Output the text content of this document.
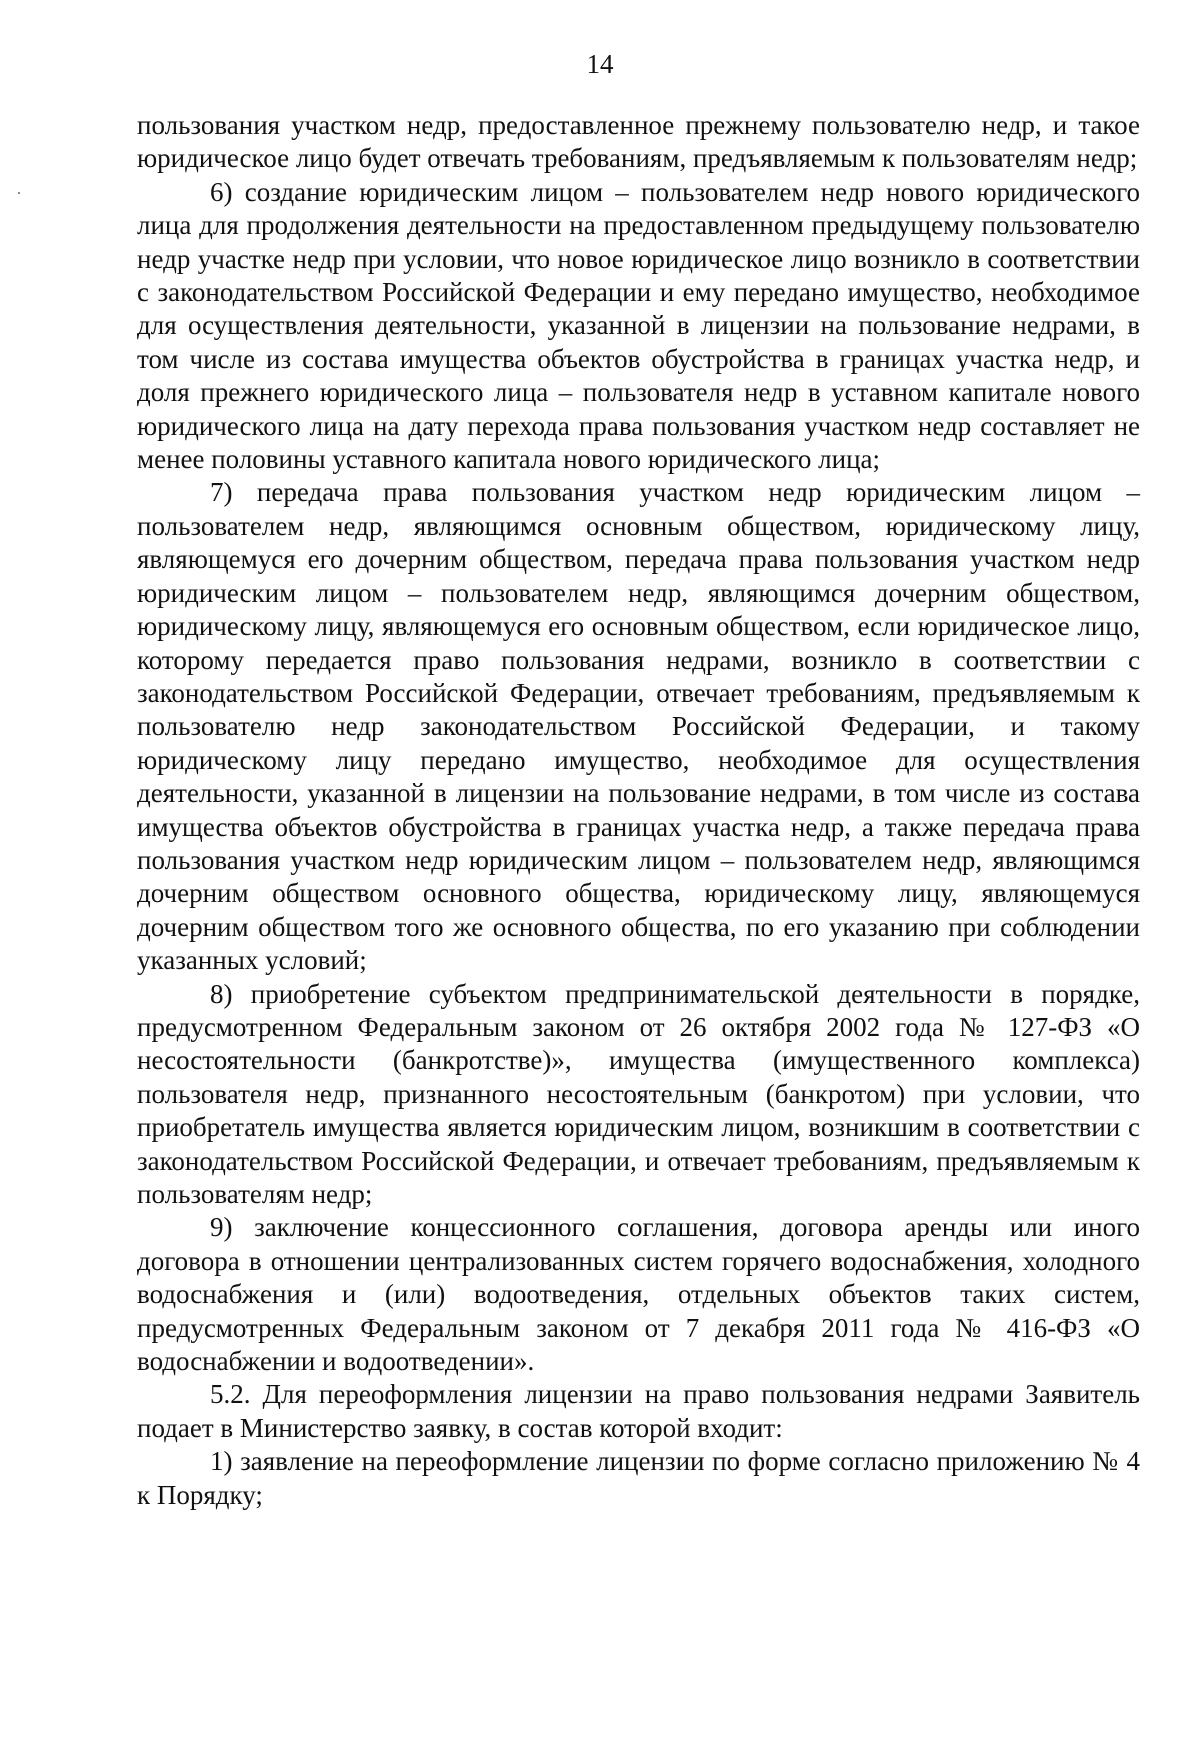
14

пользования участком недр, предоставленное прежнему пользователю недр, и такое юридическое лицо будет отвечать требованиям, предъявляемым к пользователям недр;

6) создание юридическим лицом – пользователем недр нового юридического лица для продолжения деятельности на предоставленном предыдущему пользователю недр участке недр при условии, что новое юридическое лицо возникло в соответствии с законодательством Российской Федерации и ему передано имущество, необходимое для осуществления деятельности, указанной в лицензии на пользование недрами, в том числе из состава имущества объектов обустройства в границах участка недр, и доля прежнего юридического лица – пользователя недр в уставном капитале нового юридического лица на дату перехода права пользования участком недр составляет не менее половины уставного капитала нового юридического лица;

7) передача права пользования участком недр юридическим лицом – пользователем недр, являющимся основным обществом, юридическому лицу, являющемуся его дочерним обществом, передача права пользования участком недр юридическим лицом – пользователем недр, являющимся дочерним обществом, юридическому лицу, являющемуся его основным обществом, если юридическое лицо, которому передается право пользования недрами, возникло в соответствии с законодательством Российской Федерации, отвечает требованиям, предъявляемым к пользователю недр законодательством Российской Федерации, и такому юридическому лицу передано имущество, необходимое для осуществления деятельности, указанной в лицензии на пользование недрами, в том числе из состава имущества объектов обустройства в границах участка недр, а также передача права пользования участком недр юридическим лицом – пользователем недр, являющимся дочерним обществом основного общества, юридическому лицу, являющемуся дочерним обществом того же основного общества, по его указанию при соблюдении указанных условий;

8) приобретение субъектом предпринимательской деятельности в порядке, предусмотренном Федеральным законом от 26 октября 2002 года № 127-ФЗ «О несостоятельности (банкротстве)», имущества (имущественного комплекса) пользователя недр, признанного несостоятельным (банкротом) при условии, что приобретатель имущества является юридическим лицом, возникшим в соответствии с законодательством Российской Федерации, и отвечает требованиям, предъявляемым к пользователям недр;

9) заключение концессионного соглашения, договора аренды или иного договора в отношении централизованных систем горячего водоснабжения, холодного водоснабжения и (или) водоотведения, отдельных объектов таких систем, предусмотренных Федеральным законом от 7 декабря 2011 года № 416-ФЗ «О водоснабжении и водоотведении».

5.2. Для переоформления лицензии на право пользования недрами Заявитель подает в Министерство заявку, в состав которой входит:

1) заявление на переоформление лицензии по форме согласно приложению № 4 к Порядку;
